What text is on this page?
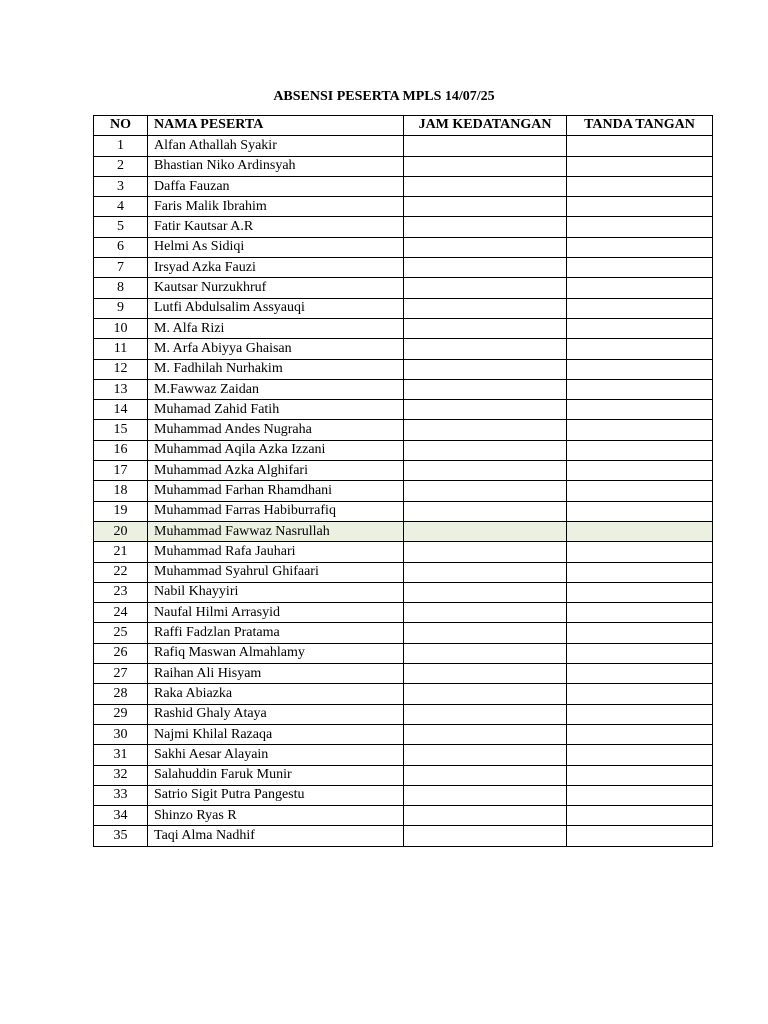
ABSENSI PESERTA MPLS 14/07/25
NO	NAMA PESERTA	JAM KEDATANGAN	TANDA TANGAN
1	Alfan Athallah Syakir		
2	Bhastian Niko Ardinsyah		
3	Daffa Fauzan		
4	Faris Malik Ibrahim		
5	Fatir Kautsar A.R		
6	Helmi As Sidiqi		
7	Irsyad Azka Fauzi		
8	Kautsar Nurzukhruf		
9	Lutfi Abdulsalim Assyauqi		
10	M. Alfa Rizi		
11	M. Arfa Abiyya Ghaisan		
12	M. Fadhilah Nurhakim		
13	M.Fawwaz Zaidan		
14	Muhamad Zahid Fatih		
15	Muhammad Andes Nugraha		
16	Muhammad Aqila Azka Izzani		
17	Muhammad Azka Alghifari		
18	Muhammad Farhan Rhamdhani		
19	Muhammad Farras Habiburrafiq		
20	Muhammad Fawwaz Nasrullah		
21	Muhammad Rafa Jauhari		
22	Muhammad Syahrul Ghifaari		
23	Nabil Khayyiri		
24	Naufal Hilmi Arrasyid		
25	Raffi Fadzlan Pratama		
26	Rafiq Maswan Almahlamy		
27	Raihan Ali Hisyam		
28	Raka Abiazka		
29	Rashid Ghaly Ataya		
30	Najmi Khilal Razaqa		
31	Sakhi Aesar Alayain		
32	Salahuddin Faruk Munir		
33	Satrio Sigit Putra Pangestu		
34	Shinzo Ryas R		
35	Taqi Alma Nadhif		
